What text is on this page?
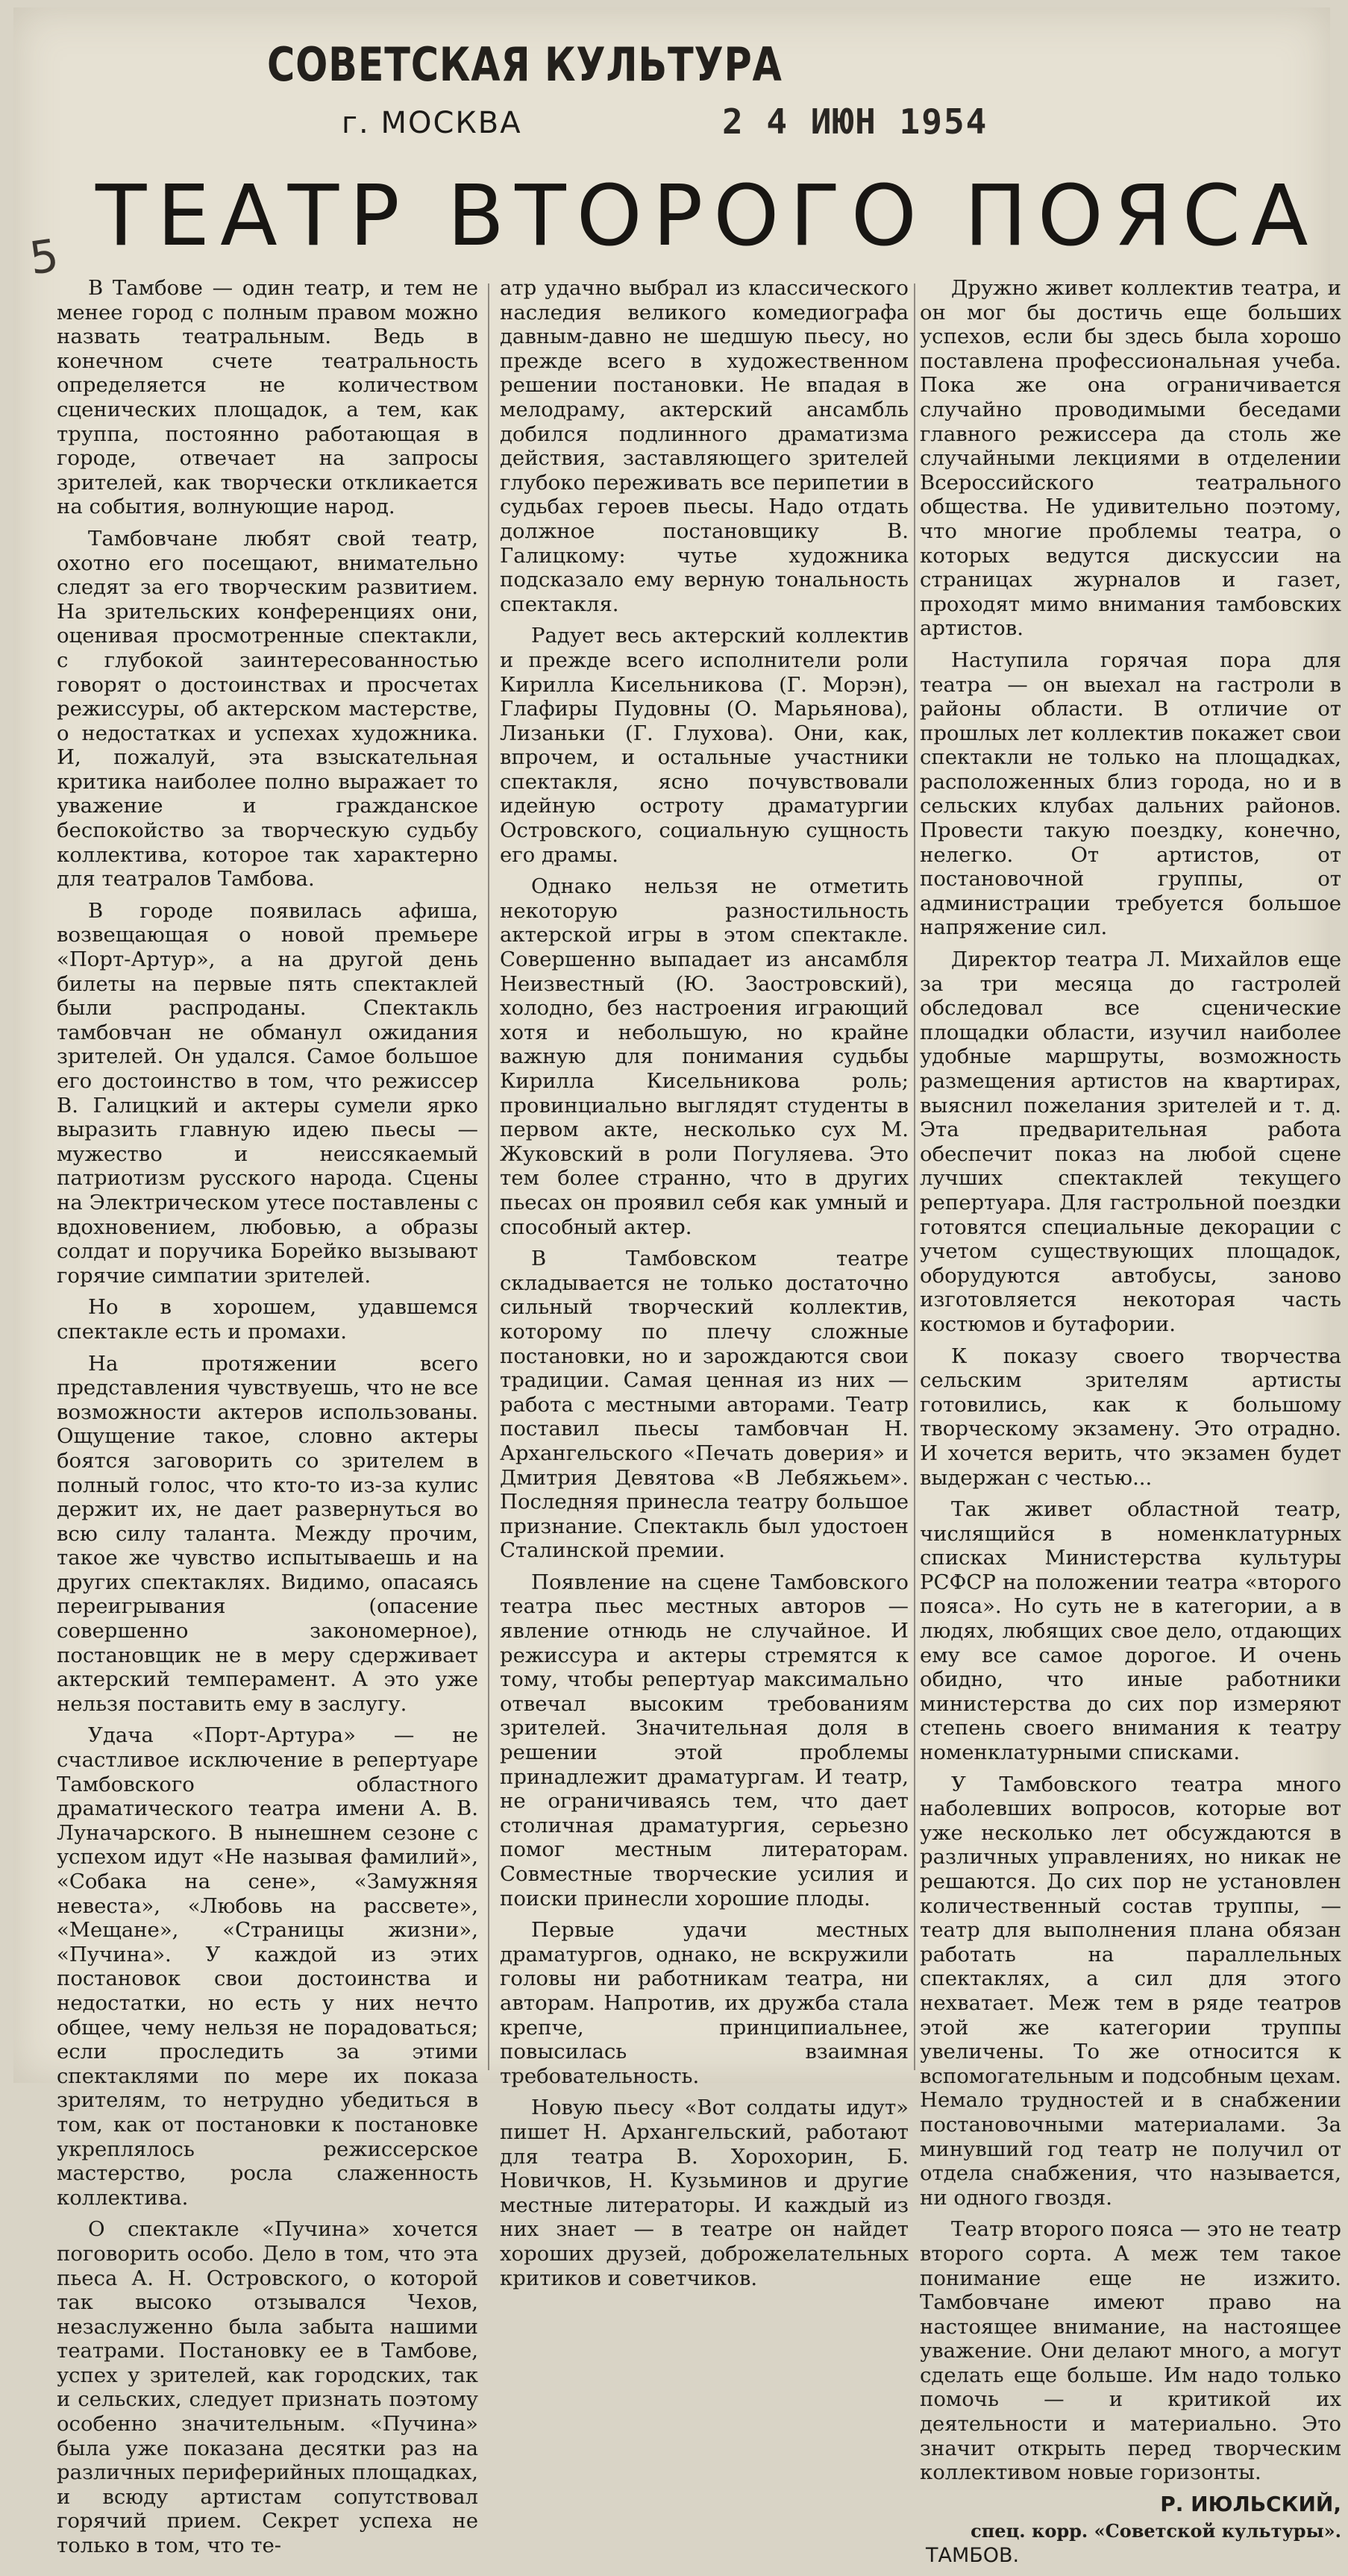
СОВЕТСКАЯ КУЛЬТУРА
г. МОСКВА	2 4 ИЮН 1954
5 ТЕАТР ВТОРОГО ПОЯСА

В Тамбове — один театр, и тем не менее город с полным правом можно назвать театральным. Ведь в конечном счете театральность определяется не количеством сценических площадок, а тем, как труппа, постоянно работающая в городе, отвечает на запросы зрителей, как творчески откликается на события, волнующие народ.

Тамбовчане любят свой театр, охотно его посещают, внимательно следят за его творческим развитием. На зрительских конференциях они, оценивая просмотренные спектакли, с глубокой заинтересованностью говорят о достоинствах и просчетах режиссуры, об актерском мастерстве, о недостатках и успехах художника. И, пожалуй, эта взыскательная критика наиболее полно выражает то уважение и гражданское беспокойство за творческую судьбу коллектива, которое так характерно для театралов Тамбова.

В городе появилась афиша, возвещающая о новой премьере «Порт-Артур», а на другой день билеты на первые пять спектаклей были распроданы. Спектакль тамбовчан не обманул ожидания зрителей. Он удался. Самое большое его достоинство в том, что режиссер В. Галицкий и актеры сумели ярко выразить главную идею пьесы — мужество и неиссякаемый патриотизм русского народа. Сцены на Электрическом утесе поставлены с вдохновением, любовью, а образы солдат и поручика Борейко вызывают горячие симпатии зрителей.

Но в хорошем, удавшемся спектакле есть и промахи.

На протяжении всего представления чувствуешь, что не все возможности актеров использованы. Ощущение такое, словно актеры боятся заговорить со зрителем в полный голос, что кто-то из-за кулис держит их, не дает развернуться во всю силу таланта. Между прочим, такое же чувство испытываешь и на других спектаклях. Видимо, опасаясь переигрывания (опасение совершенно закономерное), постановщик не в меру сдерживает актерский темперамент. А это уже нельзя поставить ему в заслугу.

Удача «Порт-Артура» — не счастливое исключение в репертуаре Тамбовского областного драматического театра имени А. В. Луначарского. В нынешнем сезоне с успехом идут «Не называя фамилий», «Собака на сене», «Замужняя невеста», «Любовь на рассвете», «Мещане», «Страницы жизни», «Пучина». У каждой из этих постановок свои достоинства и недостатки, но есть у них нечто общее, чему нельзя не порадоваться; если проследить за этими спектаклями по мере их показа зрителям, то нетрудно убедиться в том, как от постановки к постановке укреплялось режиссерское мастерство, росла слаженность коллектива.

О спектакле «Пучина» хочется поговорить особо. Дело в том, что эта пьеса А. Н. Островского, о которой так высоко отзывался Чехов, незаслуженно была забыта нашими театрами. Постановку ее в Тамбове, успех у зрителей, как городских, так и сельских, следует признать поэтому особенно значительным. «Пучина» была уже показана десятки раз на различных периферийных площадках, и всюду артистам сопутствовал горячий прием. Секрет успеха не только в том, что те-

атр удачно выбрал из классического наследия великого комедиографа давным-давно не шедшую пьесу, но прежде всего в художественном решении постановки. Не впадая в мелодраму, актерский ансамбль добился подлинного драматизма действия, заставляющего зрителей глубоко переживать все перипетии в судьбах героев пьесы. Надо отдать должное постановщику В. Галицкому: чутье художника подсказало ему верную тональность спектакля.

Радует весь актерский коллектив и прежде всего исполнители роли Кирилла Кисельникова (Г. Морэн), Глафиры Пудовны (О. Марьянова), Лизаньки (Г. Глухова). Они, как, впрочем, и остальные участники спектакля, ясно почувствовали идейную остроту драматургии Островского, социальную сущность его драмы.

Однако нельзя не отметить некоторую разностильность актерской игры в этом спектакле. Совершенно выпадает из ансамбля Неизвестный (Ю. Заостровский), холодно, без настроения играющий хотя и небольшую, но крайне важную для понимания судьбы Кирилла Кисельникова роль; провинциально выглядят студенты в первом акте, несколько сух М. Жуковский в роли Погуляева. Это тем более странно, что в других пьесах он проявил себя как умный и способный актер.

В Тамбовском театре складывается не только достаточно сильный творческий коллектив, которому по плечу сложные постановки, но и зарождаются свои традиции. Самая ценная из них — работа с местными авторами. Театр поставил пьесы тамбовчан Н. Архангельского «Печать доверия» и Дмитрия Девятова «В Лебяжьем». Последняя принесла театру большое признание. Спектакль был удостоен Сталинской премии.

Появление на сцене Тамбовского театра пьес местных авторов — явление отнюдь не случайное. И режиссура и актеры стремятся к тому, чтобы репертуар максимально отвечал высоким требованиям зрителей. Значительная доля в решении этой проблемы принадлежит драматургам. И театр, не ограничиваясь тем, что дает столичная драматургия, серьезно помог местным литераторам. Совместные творческие усилия и поиски принесли хорошие плоды.

Первые удачи местных драматургов, однако, не вскружили головы ни работникам театра, ни авторам. Напротив, их дружба стала крепче, принципиальнее, повысилась взаимная требовательность.

Новую пьесу «Вот солдаты идут» пишет Н. Архангельский, работают для театра В. Хорохорин, Б. Новичков, Н. Кузьминов и другие местные литераторы. И каждый из них знает — в театре он найдет хороших друзей, доброжелательных критиков и советчиков.

Дружно живет коллектив театра, и он мог бы достичь еще больших успехов, если бы здесь была хорошо поставлена профессиональная учеба. Пока же она ограничивается случайно проводимыми беседами главного режиссера да столь же случайными лекциями в отделении Всероссийского театрального общества. Не удивительно поэтому, что многие проблемы театра, о которых ведутся дискуссии на страницах журналов и газет, проходят мимо внимания тамбовских артистов.

Наступила горячая пора для театра — он выехал на гастроли в районы области. В отличие от прошлых лет коллектив покажет свои спектакли не только на площадках, расположенных близ города, но и в сельских клубах дальних районов. Провести такую поездку, конечно, нелегко. От артистов, от постановочной группы, от администрации требуется большое напряжение сил.

Директор театра Л. Михайлов еще за три месяца до гастролей обследовал все сценические площадки области, изучил наиболее удобные маршруты, возможность размещения артистов на квартирах, выяснил пожелания зрителей и т. д. Эта предварительная работа обеспечит показ на любой сцене лучших спектаклей текущего репертуара. Для гастрольной поездки готовятся специальные декорации с учетом существующих площадок, оборудуются автобусы, заново изготовляется некоторая часть костюмов и бутафории.

К показу своего творчества сельским зрителям артисты готовились, как к большому творческому экзамену. Это отрадно. И хочется верить, что экзамен будет выдержан с честью...

Так живет областной театр, числящийся в номенклатурных списках Министерства культуры РСФСР на положении театра «второго пояса». Но суть не в категории, а в людях, любящих свое дело, отдающих ему все самое дорогое. И очень обидно, что иные работники министерства до сих пор измеряют степень своего внимания к театру номенклатурными списками.

У Тамбовского театра много наболевших вопросов, которые вот уже несколько лет обсуждаются в различных управлениях, но никак не решаются. До сих пор не установлен количественный состав труппы, — театр для выполнения плана обязан работать на параллельных спектаклях, а сил для этого нехватает. Меж тем в ряде театров этой же категории труппы увеличены. То же относится к вспомогательным и подсобным цехам. Немало трудностей и в снабжении постановочными материалами. За минувший год театр не получил от отдела снабжения, что называется, ни одного гвоздя.

Театр второго пояса — это не театр второго сорта. А меж тем такое понимание еще не изжито. Тамбовчане имеют право на настоящее внимание, на настоящее уважение. Они делают много, а могут сделать еще больше. Им надо только помочь — и критикой их деятельности и материально. Это значит открыть перед творческим коллективом новые горизонты.

Р. ИЮЛЬСКИЙ,
спец. корр. «Советской культуры».

ТАМБОВ.
